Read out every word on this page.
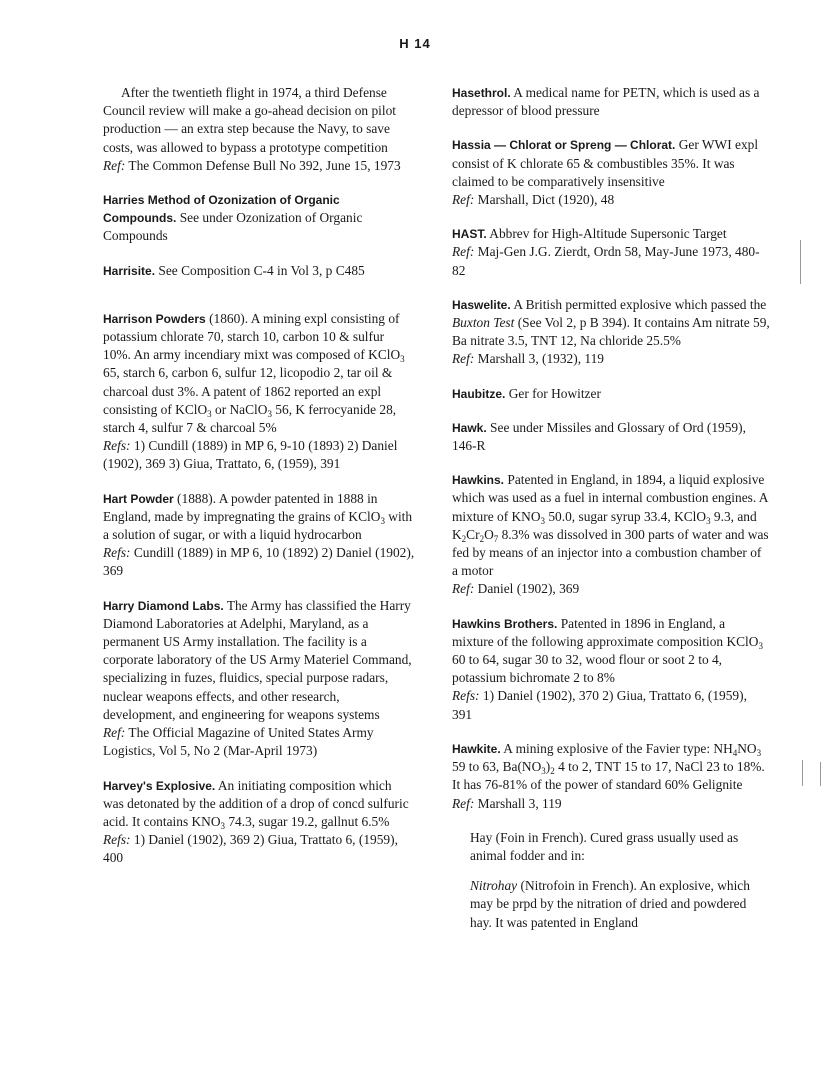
H 14
After the twentieth flight in 1974, a third Defense Council review will make a go-ahead decision on pilot production — an extra step because the Navy, to save costs, was allowed to bypass a prototype competition
Ref: The Common Defense Bull No 392, June 15, 1973
Harries Method of Ozonization of Organic Compounds. See under Ozonization of Organic Compounds
Harrisite. See Composition C-4 in Vol 3, p C485
Harrison Powders (1860). A mining expl consisting of potassium chlorate 70, starch 10, carbon 10 & sulfur 10%. An army incendiary mixt was composed of KClO$_3$ 65, starch 6, carbon 6, sulfur 12, licopodio 2, tar oil & charcoal dust 3%. A patent of 1862 reported an expl consisting of KClO$_3$ or NaClO$_3$ 56, K ferrocyanide 28, starch 4, sulfur 7 & charcoal 5%
Refs: 1) Cundill (1889) in MP 6, 9-10 (1893) 2) Daniel (1902), 369 3) Giua, Trattato, 6, (1959), 391
Hart Powder (1888). A powder patented in 1888 in England, made by impregnating the grains of KClO$_3$ with a solution of sugar, or with a liquid hydrocarbon
Refs: Cundill (1889) in MP 6, 10 (1892) 2) Daniel (1902), 369
Harry Diamond Labs. The Army has classified the Harry Diamond Laboratories at Adelphi, Maryland, as a permanent US Army installation. The facility is a corporate laboratory of the US Army Materiel Command, specializing in fuzes, fluidics, special purpose radars, nuclear weapons effects, and other research, development, and engineering for weapons systems
Ref: The Official Magazine of United States Army Logistics, Vol 5, No 2 (Mar-April 1973)
Harvey's Explosive. An initiating composition which was detonated by the addition of a drop of concd sulfuric acid. It contains $KNO_3$ 74.3, sugar 19.2, gallnut 6.5%
Refs: 1) Daniel (1902), 369 2) Giua, Trattato 6, (1959), 400
Hasethrol. A medical name for PETN, which is used as a depressor of blood pressure
Hassia — Chlorat or Spreng — Chlorat. Ger WWI expl consist of K chlorate 65 & combustibles 35%. It was claimed to be comparatively insensitive
Ref: Marshall, Dict (1920), 48
HAST. Abbrev for High-Altitude Supersonic Target
Ref: Maj-Gen J.G. Zierdt, Ordn 58, May-June 1973, 480-82
Haswelite. A British permitted explosive which passed the Buxton Test (See Vol 2, p B 394). It contains Am nitrate 59, Ba nitrate 3.5, TNT 12, Na chloride 25.5%
Ref: Marshall 3, (1932), 119
Haubitze. Ger for Howitzer
Hawk. See under Missiles and Glossary of Ord (1959), 146-R
Hawkins. Patented in England, in 1894, a liquid explosive which was used as a fuel in internal combustion engines. A mixture of $KNO_3$ 50.0, sugar syrup 33.4, KClO$_3$ 9.3, and $K_2Cr_2O_7$ 8.3% was dissolved in 300 parts of water and was fed by means of an injector into a combustion chamber of a motor
Ref: Daniel (1902), 369
Hawkins Brothers. Patented in 1896 in England, a mixture of the following approximate composition KClO$_3$ 60 to 64, sugar 30 to 32, wood flour or soot 2 to 4, potassium bichromate 2 to 8%
Refs: 1) Daniel (1902), 370 2) Giua, Trattato 6, (1959), 391
Hawkite. A mining explosive of the Favier type: $NH_4NO_3$ 59 to 63, $Ba(NO_3)_2$ 4 to 2, TNT 15 to 17, NaCl 23 to 18%. It has 76-81% of the power of standard 60% Gelignite
Ref: Marshall 3, 119
Hay (Foin in French). Cured grass usually used as animal fodder and in:
Nitrohay (Nitrofoin in French). An explosive, which may be prpd by the nitration of dried and powdered hay. It was patented in England
